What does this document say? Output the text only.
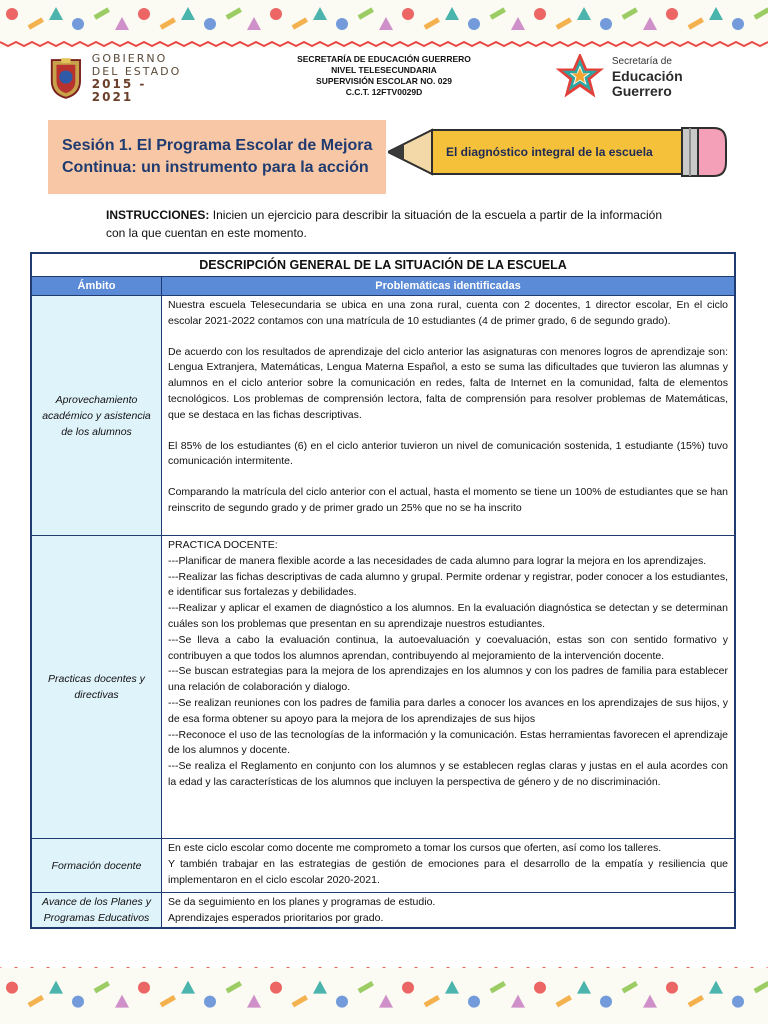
GOBIERNO
DEL ESTADO
2015 - 2021
SECRETARÍA DE EDUCACIÓN GUERRERO
NIVEL TELESECUNDARIA
SUPERVISIÓN ESCOLAR NO. 029
C.C.T. 12FTV0029D
Secretaría de
Educación Guerrero
Sesión 1. El Programa Escolar de Mejora
Continua: un instrumento para la acción
El diagnóstico integral de la escuela
INSTRUCCIONES: Inicien un ejercicio para describir la situación de la escuela a partir de la información con la que cuentan en este momento.
DESCRIPCIÓN GENERAL DE LA SITUACIÓN DE LA ESCUELA
Ámbito	Problemáticas identificadas
Aprovechamiento académico y asistencia de los alumnos

Nuestra escuela Telesecundaria se ubica en una zona rural, cuenta con 2 docentes, 1 director escolar, En el ciclo escolar 2021-2022 contamos con una matrícula de 10 estudiantes (4 de primer grado, 6 de segundo grado).

De acuerdo con los resultados de aprendizaje del ciclo anterior las asignaturas con menores logros de aprendizaje son: Lengua Extranjera, Matemáticas, Lengua Materna Español, a esto se suma las dificultades que tuvieron las alumnas y alumnos en el ciclo anterior sobre la comunicación en redes, falta de Internet en la comunidad, falta de elementos tecnológicos. Los problemas de comprensión lectora, falta de comprensión para resolver problemas de Matemáticas, que se destaca en las fichas descriptivas.

El 85% de los estudiantes (6) en el ciclo anterior tuvieron un nivel de comunicación sostenida, 1 estudiante (15%) tuvo comunicación intermitente.

Comparando la matrícula del ciclo anterior con el actual, hasta el momento se tiene un 100% de estudiantes que se han reinscrito de segundo grado y de primer grado un 25% que no se ha inscrito

Practicas docentes y directivas

PRACTICA DOCENTE:

---Planificar de manera flexible acorde a las necesidades de cada alumno para lograr la mejora en los aprendizajes.

---Realizar las fichas descriptivas de cada alumno y grupal. Permite ordenar y registrar, poder conocer a los estudiantes, e identificar sus fortalezas y debilidades.

---Realizar y aplicar el examen de diagnóstico a los alumnos. En la evaluación diagnóstica se detectan y se determinan cuáles son los problemas que presentan en su aprendizaje nuestros estudiantes.

---Se lleva a cabo la evaluación continua, la autoevaluación y coevaluación, estas son con sentido formativo y contribuyen a que todos los alumnos aprendan, contribuyendo al mejoramiento de la intervención docente.

---Se buscan estrategias para la mejora de los aprendizajes en los alumnos y con los padres de familia para establecer una relación de colaboración y dialogo.

---Se realizan reuniones con los padres de familia para darles a conocer los avances en los aprendizajes de sus hijos, y de esa forma obtener su apoyo para la mejora de los aprendizajes de sus hijos

---Reconoce el uso de las tecnologías de la información y la comunicación. Estas herramientas favorecen el aprendizaje de los alumnos y docente.

---Se realiza el Reglamento en conjunto con los alumnos y se establecen reglas claras y justas en el aula acordes con la edad y las características de los alumnos que incluyen la perspectiva de género y de no discriminación.

Formación docente

En este ciclo escolar como docente me comprometo a tomar los cursos que oferten, así como los talleres.

Y también trabajar en las estrategias de gestión de emociones para el desarrollo de la empatía y resiliencia que implementaron en el ciclo escolar 2020-2021.

Avance de los Planes y Programas Educativos

Se da seguimiento en los planes y programas de estudio.

Aprendizajes esperados prioritarios por grado.
